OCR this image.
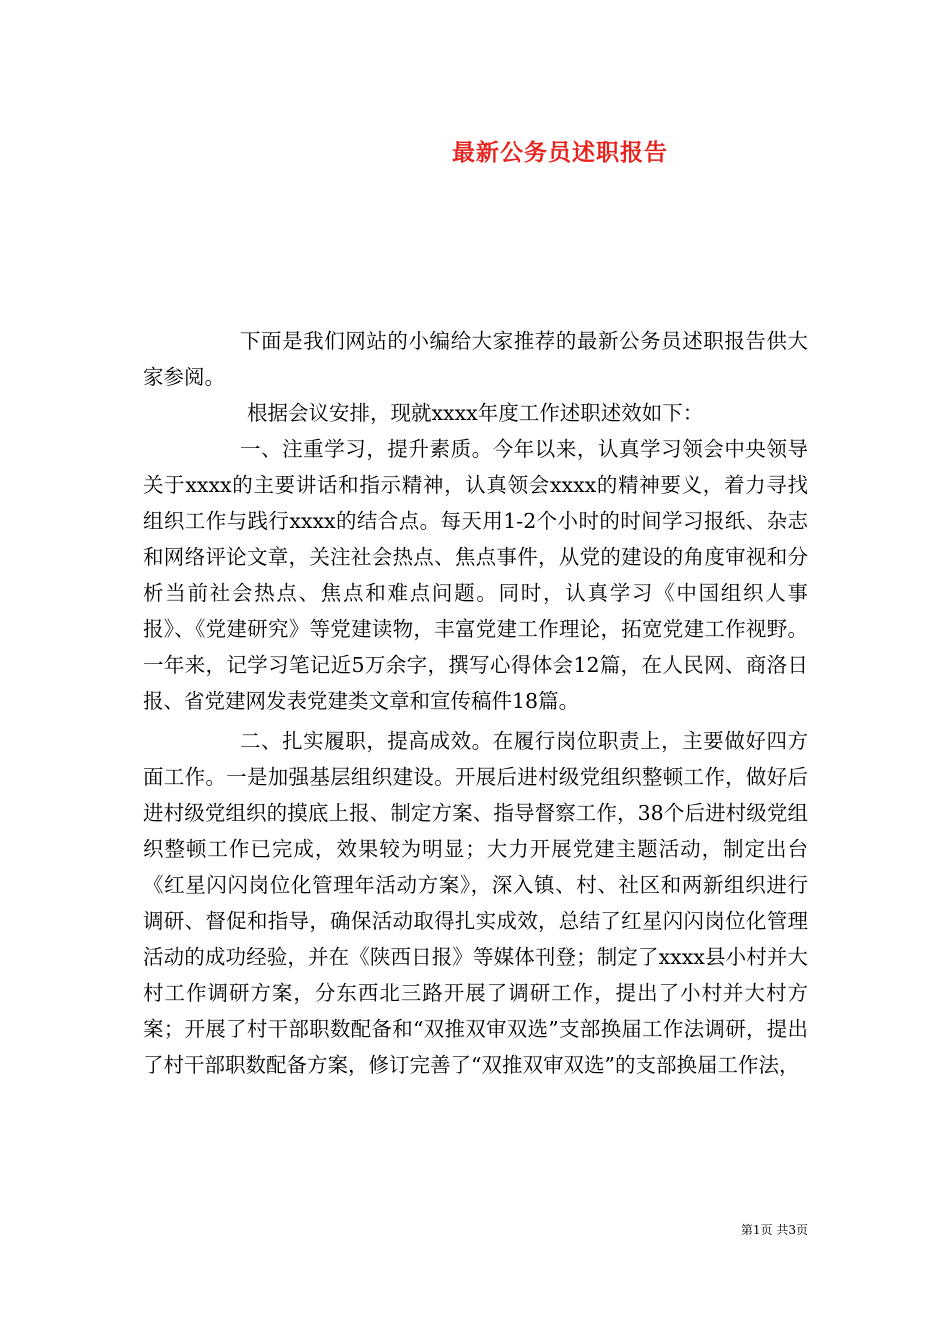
最新公务员述职报告

下面是我们网站的小编给大家推荐的最新公务员述职报告供大家参阅。

根据会议安排，现就xxxx年度工作述职述效如下：

一、注重学习，提升素质。今年以来，认真学习领会中央领导关于xxxx的主要讲话和指示精神，认真领会xxxx的精神要义，着力寻找组织工作与践行xxxx的结合点。每天用1-2个小时的时间学习报纸、杂志和网络评论文章，关注社会热点、焦点事件，从党的建设的角度审视和分析当前社会热点、焦点和难点问题。同时，认真学习《中国组织人事报》、《党建研究》等党建读物，丰富党建工作理论，拓宽党建工作视野。一年来，记学习笔记近5万余字，撰写心得体会12篇，在人民网、商洛日报、省党建网发表党建类文章和宣传稿件18篇。

二、扎实履职，提高成效。在履行岗位职责上，主要做好四方面工作。一是加强基层组织建设。开展后进村级党组织整顿工作，做好后进村级党组织的摸底上报、制定方案、指导督察工作，38个后进村级党组织整顿工作已完成，效果较为明显；大力开展党建主题活动，制定出台《红星闪闪岗位化管理年活动方案》，深入镇、村、社区和两新组织进行调研、督促和指导，确保活动取得扎实成效，总结了红星闪闪岗位化管理活动的成功经验，并在《陕西日报》等媒体刊登；制定了xxxx县小村并大村工作调研方案，分东西北三路开展了调研工作，提出了小村并大村方案；开展了村干部职数配备和“双推双审双选”支部换届工作法调研，提出了村干部职数配备方案，修订完善了“双推双审双选”的支部换届工作法，

第1页 共3页
